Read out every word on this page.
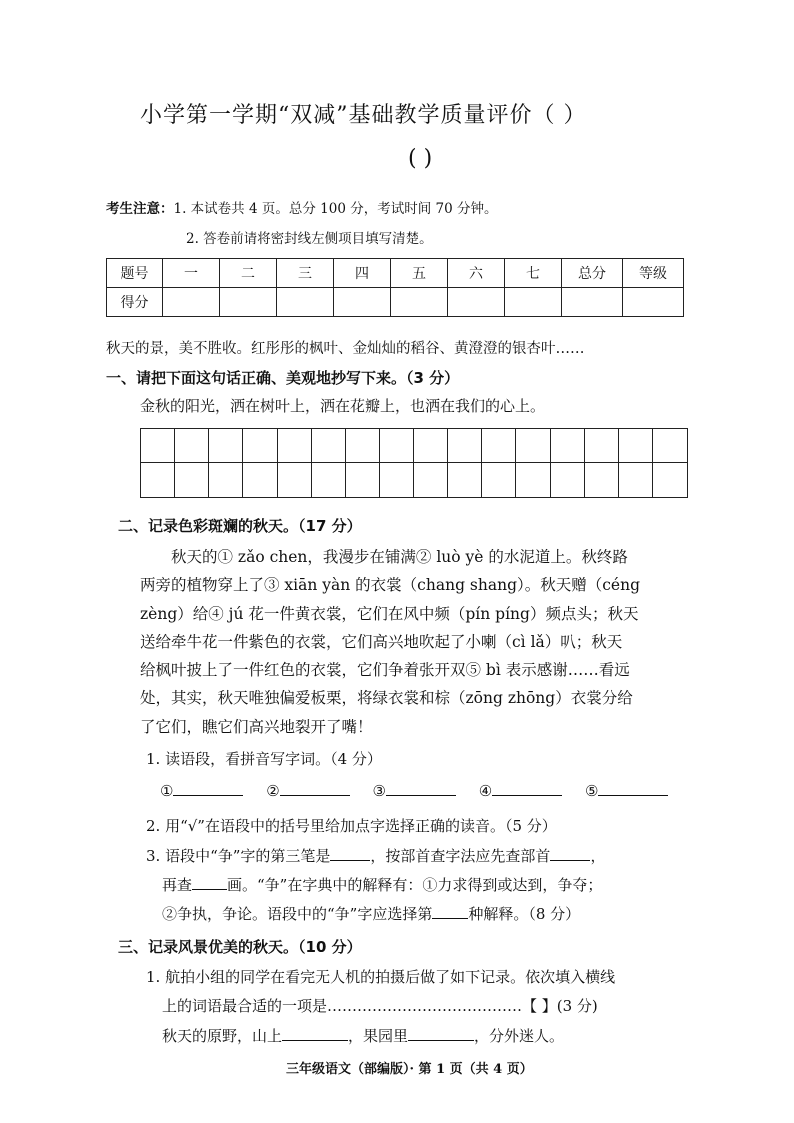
小学第一学期“双减”基础教学质量评价（ ）
( )
考生注意：1. 本试卷共 4 页。总分 100 分，考试时间 70 分钟。
2. 答卷前请将密封线左侧项目填写清楚。
题号	一	二	三	四	五	六	七	总分	等级
得分									
秋天的景，美不胜收。红彤彤的枫叶、金灿灿的稻谷、黄澄澄的银杏叶……
一、请把下面这句话正确、美观地抄写下来。（3 分）
金秋的阳光，洒在树叶上，洒在花瓣上，也洒在我们的心上。
二、记录色彩斑斓的秋天。（17 分）
　　秋天的① zǎo chen，我漫步在铺满② luò yè 的水泥道上。秋终路
两旁的植物穿上了③ xiān yàn 的衣裳（chang shang）。秋天赠（céng
zèng）给④ jú 花一件黄衣裳，它们在风中频（pín píng）频点头；秋天
送给牵牛花一件紫色的衣裳，它们高兴地吹起了小喇（cì lǎ）叭；秋天
给枫叶披上了一件红色的衣裳，它们争着张开双⑤ bì 表示感谢……看远
处，其实，秋天唯独偏爱板栗，将绿衣裳和棕（zōng zhōng）衣裳分给
了它们，瞧它们高兴地裂开了嘴！
1. 读语段，看拼音写字词。（4 分）
①	②	③	④	⑤
2. 用“√”在语段中的括号里给加点字选择正确的读音。（5 分）
3. 语段中“争”字的第三笔是	，按部首查字法应先查部首	，
再查 画。“争”在字典中的解释有：①力求得到或达到，争夺；
②争执，争论。语段中的“争”字应选择第 种解释。（8 分）
三、记录风景优美的秋天。（10 分）
1. 航拍小组的同学在看完无人机的拍摄后做了如下记录。依次填入横线
上的词语最合适的一项是…………………………………【 】(3 分)
秋天的原野，山上	，果园里	，分外迷人。
三年级语文（部编版）· 第 1 页（共 4 页）
